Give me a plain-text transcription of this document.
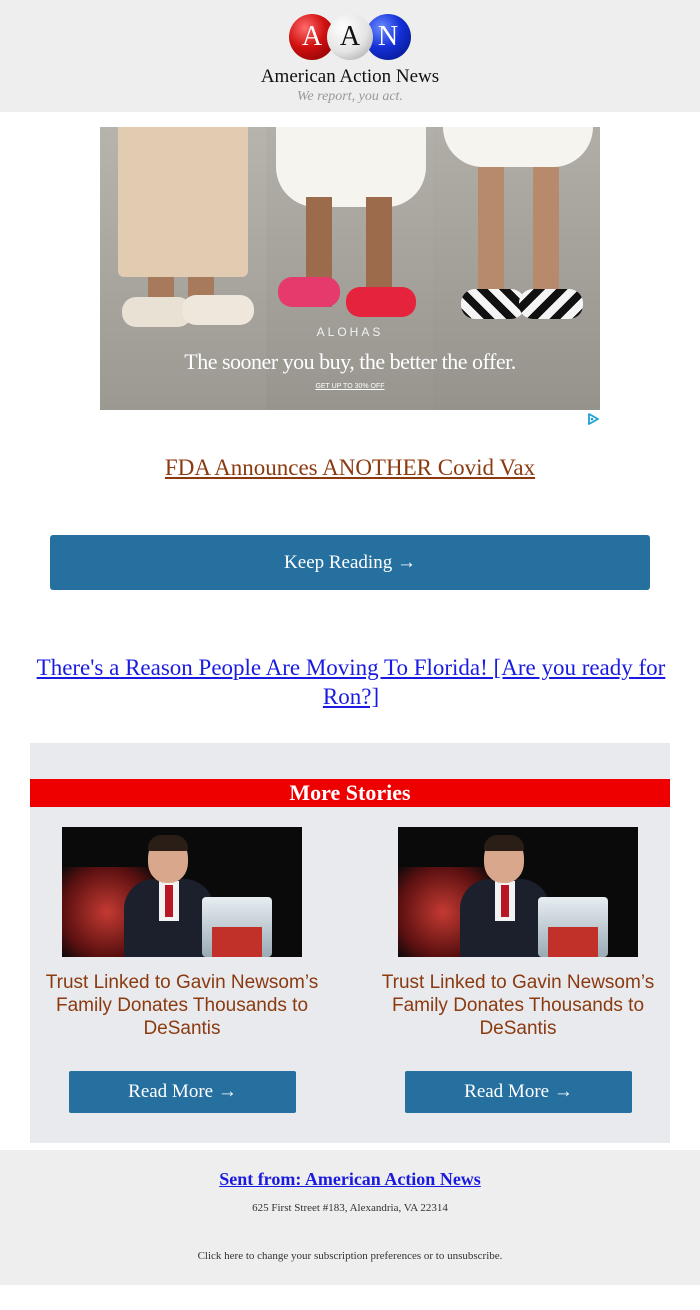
A A N
American Action News
We report, you act.
ALOHAS
The sooner you buy, the better the offer.
GET UP TO 30% OFF
FDA Announces ANOTHER Covid Vax
Keep Reading →
There's a Reason People Are Moving To Florida! [Are you ready for Ron?]
More Stories
Trust Linked to Gavin Newsom’s Family Donates Thousands to DeSantis
Read More →
Trust Linked to Gavin Newsom’s Family Donates Thousands to DeSantis
Read More →
Sent from: American Action News
625 First Street #183, Alexandria, VA 22314
Click here to change your subscription preferences or to unsubscribe.
